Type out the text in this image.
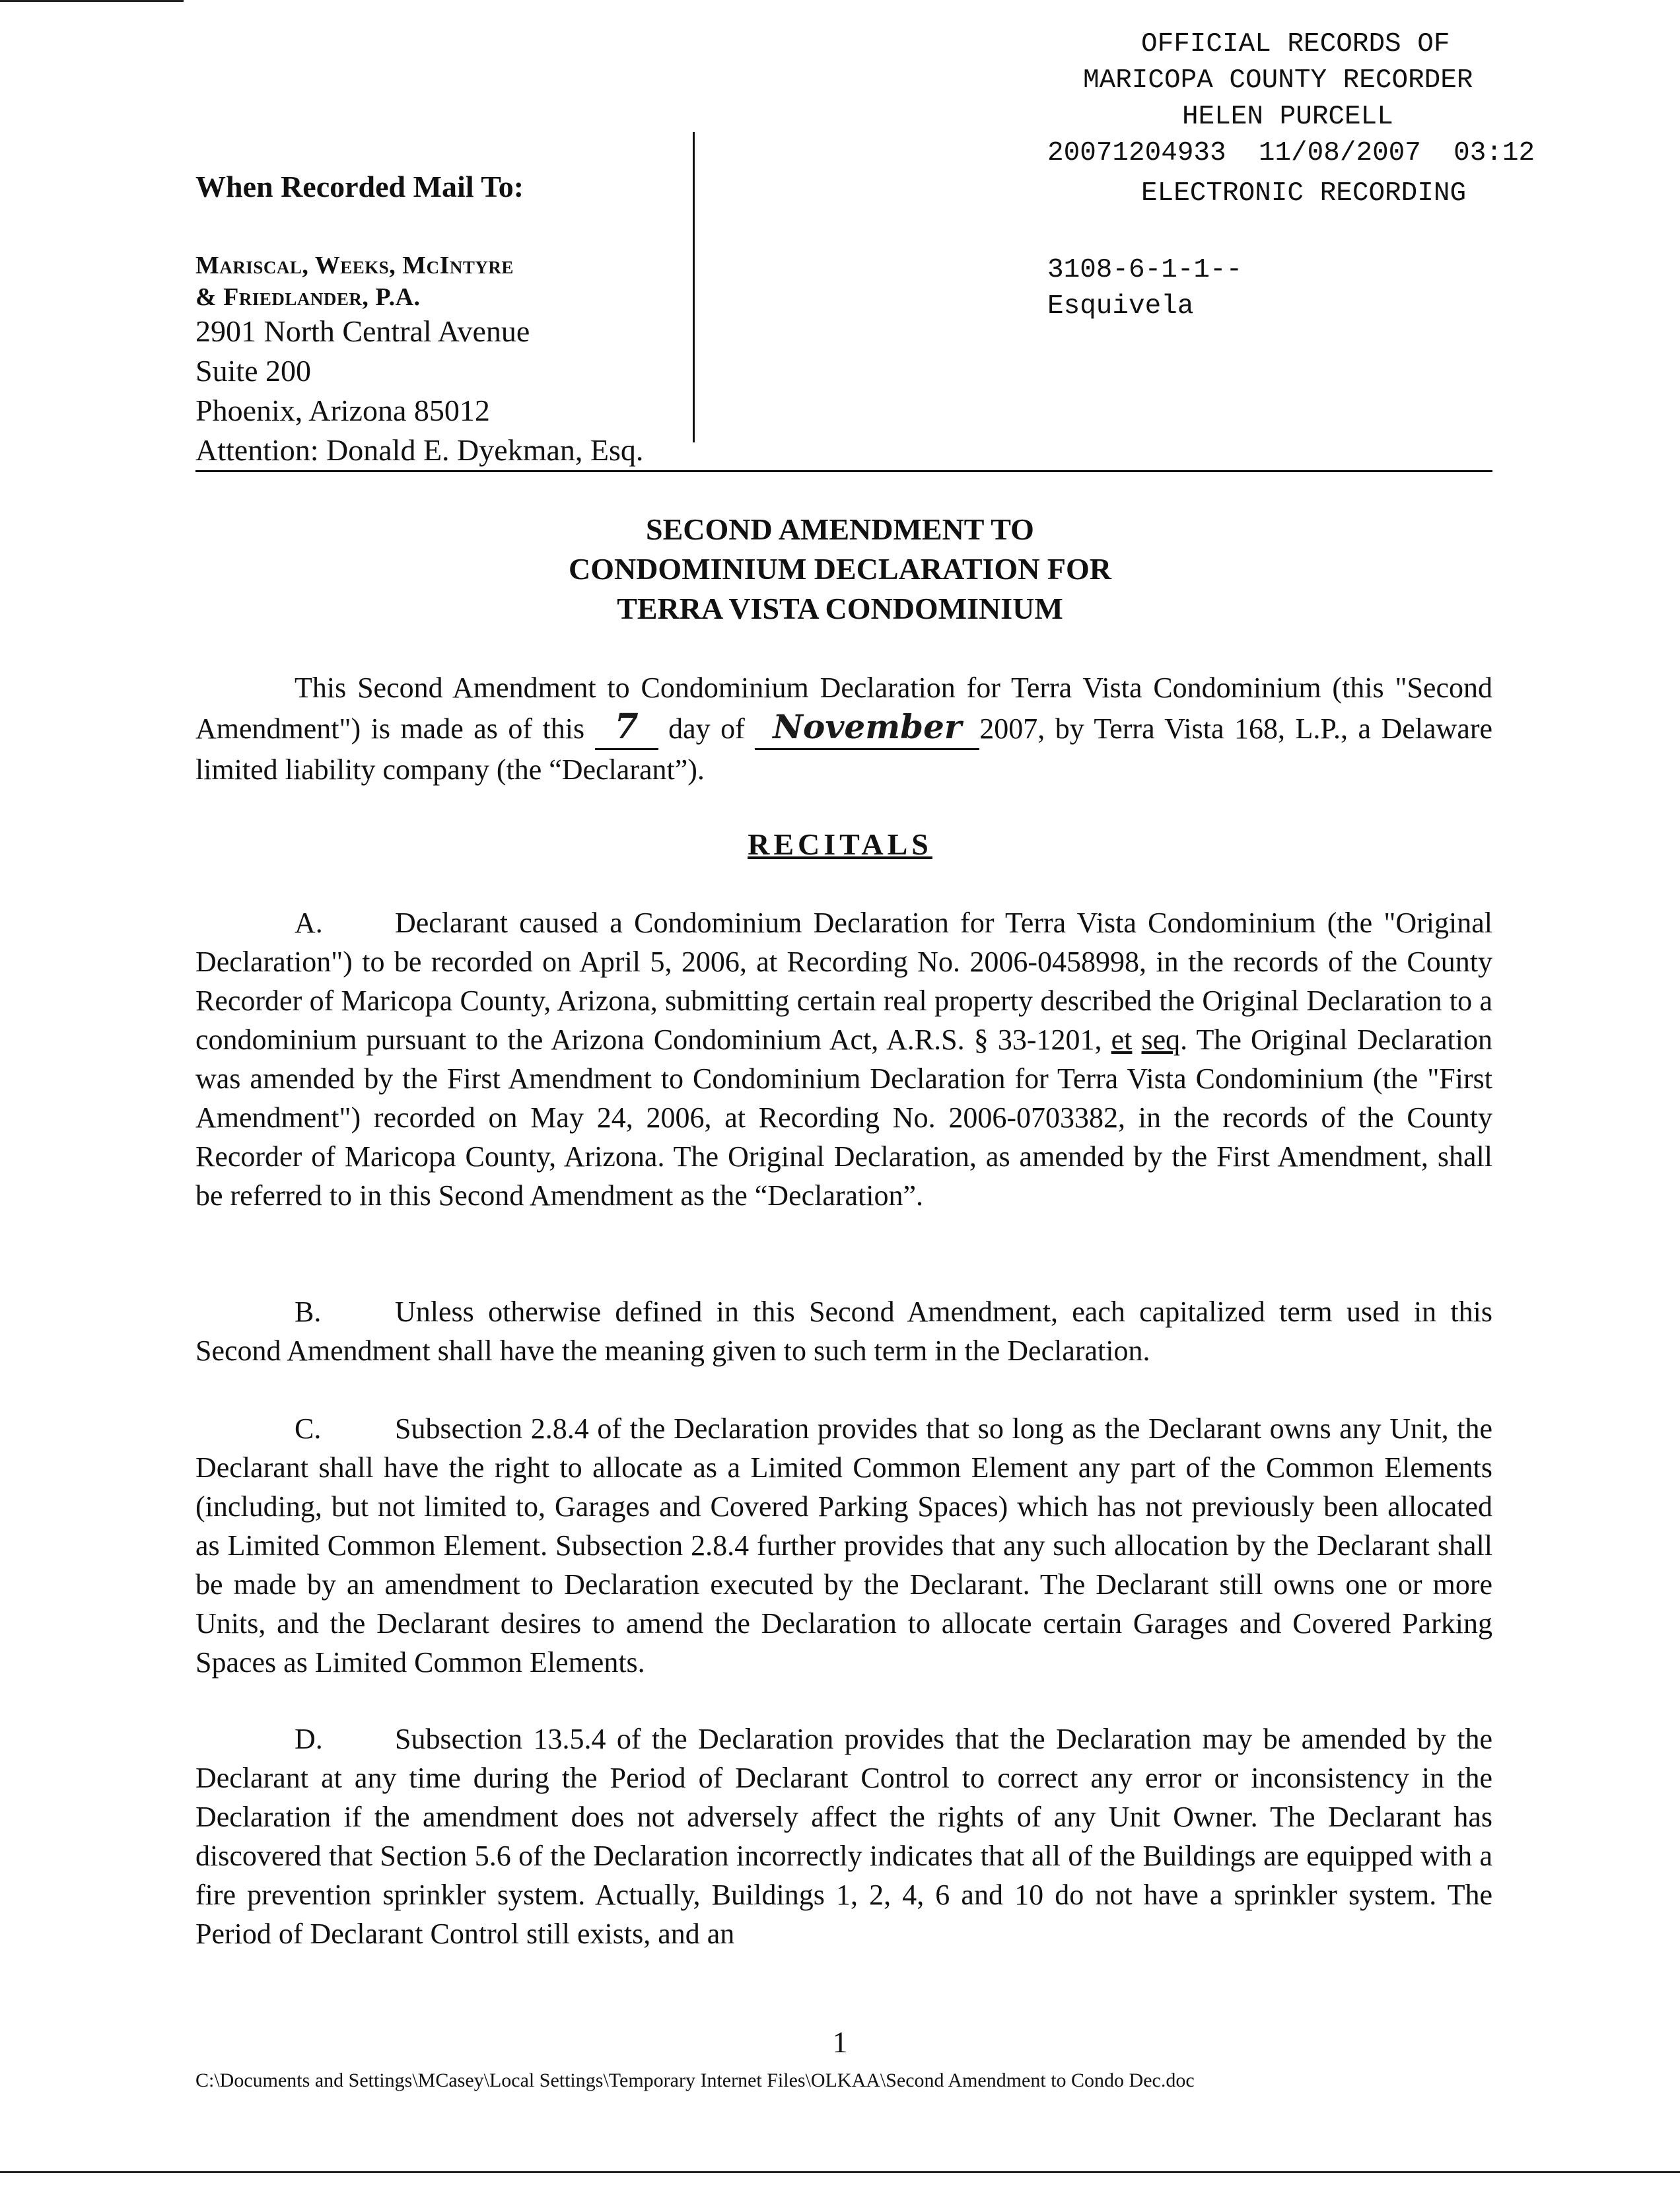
OFFICIAL RECORDS OF

MARICOPA COUNTY RECORDER

HELEN PURCELL

20071204933  11/08/2007  03:12

ELECTRONIC RECORDING

3108-6-1-1--

Esquivela

When Recorded Mail To:
Mariscal, Weeks, McIntyre
& Friedlander, P.A.
2901 North Central Avenue
Suite 200
Phoenix, Arizona 85012
Attention: Donald E. Dyekman, Esq.
SECOND AMENDMENT TO
CONDOMINIUM DECLARATION FOR
TERRA VISTA CONDOMINIUM
This Second Amendment to Condominium Declaration for Terra Vista Condominium (this "Second Amendment") is made as of this 7 day of November 2007, by Terra Vista 168, L.P., a Delaware limited liability company (the “Declarant”).
RECITALS
A. Declarant caused a Condominium Declaration for Terra Vista Condominium (the "Original Declaration") to be recorded on April 5, 2006, at Recording No. 2006-0458998, in the records of the County Recorder of Maricopa County, Arizona, submitting certain real property described the Original Declaration to a condominium pursuant to the Arizona Condominium Act, A.R.S. § 33-1201, et seq. The Original Declaration was amended by the First Amendment to Condominium Declaration for Terra Vista Condominium (the "First Amendment") recorded on May 24, 2006, at Recording No. 2006-0703382, in the records of the County Recorder of Maricopa County, Arizona. The Original Declaration, as amended by the First Amendment, shall be referred to in this Second Amendment as the “Declaration”.
B.	Unless otherwise defined in this Second Amendment, each capitalized term used in this Second Amendment shall have the meaning given to such term in the Declaration.
C.	Subsection 2.8.4 of the Declaration provides that so long as the Declarant owns any Unit, the Declarant shall have the right to allocate as a Limited Common Element any part of the Common Elements (including, but not limited to, Garages and Covered Parking Spaces) which has not previously been allocated as Limited Common Element. Subsection 2.8.4 further provides that any such allocation by the Declarant shall be made by an amendment to Declaration executed by the Declarant. The Declarant still owns one or more Units, and the Declarant desires to amend the Declaration to allocate certain Garages and Covered Parking Spaces as Limited Common Elements.
D. Subsection 13.5.4 of the Declaration provides that the Declaration may be amended by the Declarant at any time during the Period of Declarant Control to correct any error or inconsistency in the Declaration if the amendment does not adversely affect the rights of any Unit Owner. The Declarant has discovered that Section 5.6 of the Declaration incorrectly indicates that all of the Buildings are equipped with a fire prevention sprinkler system. Actually, Buildings 1, 2, 4, 6 and 10 do not have a sprinkler system. The Period of Declarant Control still exists, and an
1
C:\Documents and Settings\MCasey\Local Settings\Temporary Internet Files\OLKAA\Second Amendment to Condo Dec.doc
